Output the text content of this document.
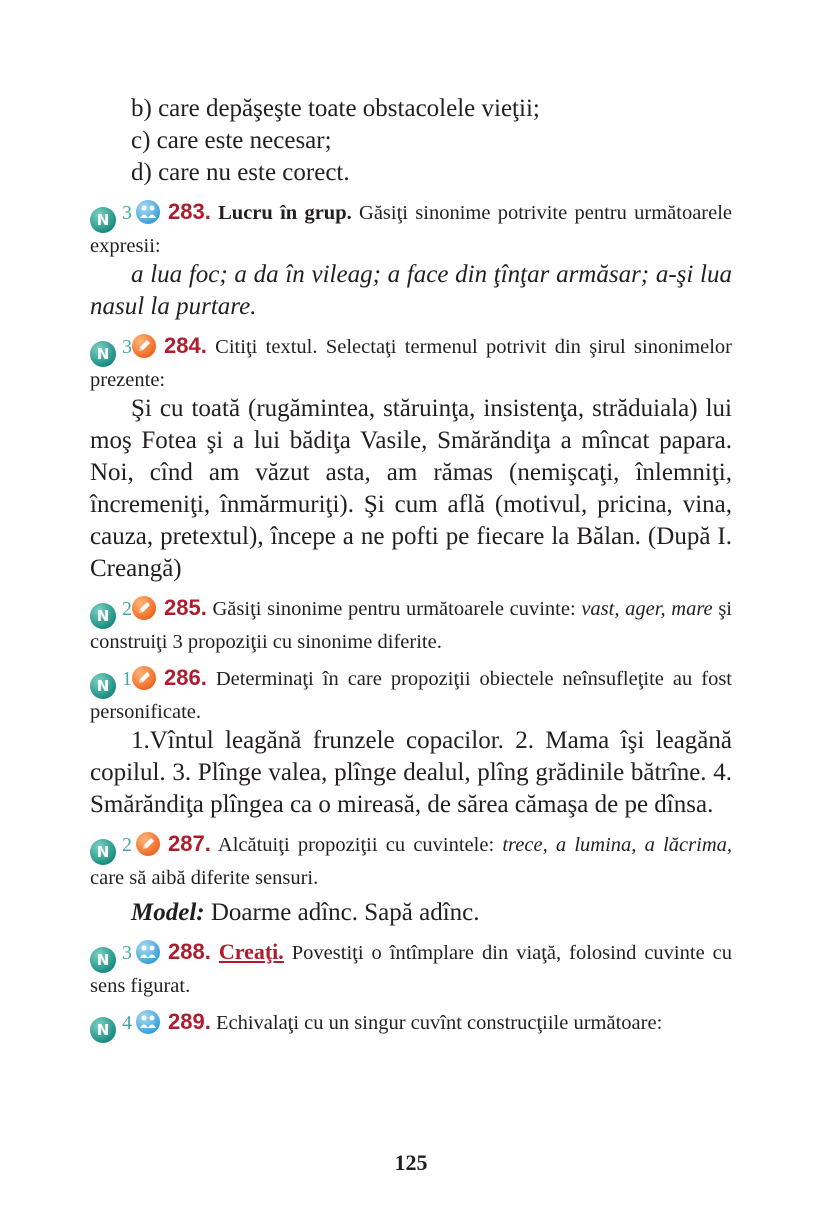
b) care depăşeşte toate obstacolele vieţii;
c) care este necesar;
d) care nu este corect.

N 3 283. Lucru în grup. Găsiţi sinonime potrivite pentru următoarele expresii:

a lua foc; a da în vileag; a face din ţînţar armăsar; a-şi lua nasul la purtare.

N 3 284. Citiţi textul. Selectaţi termenul potrivit din şirul sinonimelor prezente:

Şi cu toată (rugămintea, stăruinţa, insistenţa, străduiala) lui moş Fotea şi a lui bădiţa Vasile, Smărăndiţa a mîncat papara. Noi, cînd am văzut asta, am rămas (nemişcaţi, înlemniţi, încremeniţi, înmărmuriţi). Şi cum află (motivul, pricina, vina, cauza, pretextul), începe a ne pofti pe fiecare la Bălan. (După I. Creangă)

N 2 285. Găsiţi sinonime pentru următoarele cuvinte: vast, ager, mare şi construiţi 3 propoziţii cu sinonime diferite.

N 1 286. Determinaţi în care propoziţii obiectele neînsufleţite au fost personificate.

1.Vîntul leagănă frunzele copacilor. 2. Mama îşi leagănă copilul. 3. Plînge valea, plînge dealul, plîng grădinile bătrîne. 4. Smărăndiţa plîngea ca o mireasă, de sărea cămaşa de pe dînsa.

N 2 287. Alcătuiţi propoziţii cu cuvintele: trece, a lumina, a lăcrima, care să aibă diferite sensuri.

Model: Doarme adînc. Sapă adînc.

N 3 288. Creaţi. Povestiţi o întîmplare din viaţă, folosind cuvinte cu sens figurat.

N 4 289. Echivalaţi cu un singur cuvînt construcţiile următoare:

125
